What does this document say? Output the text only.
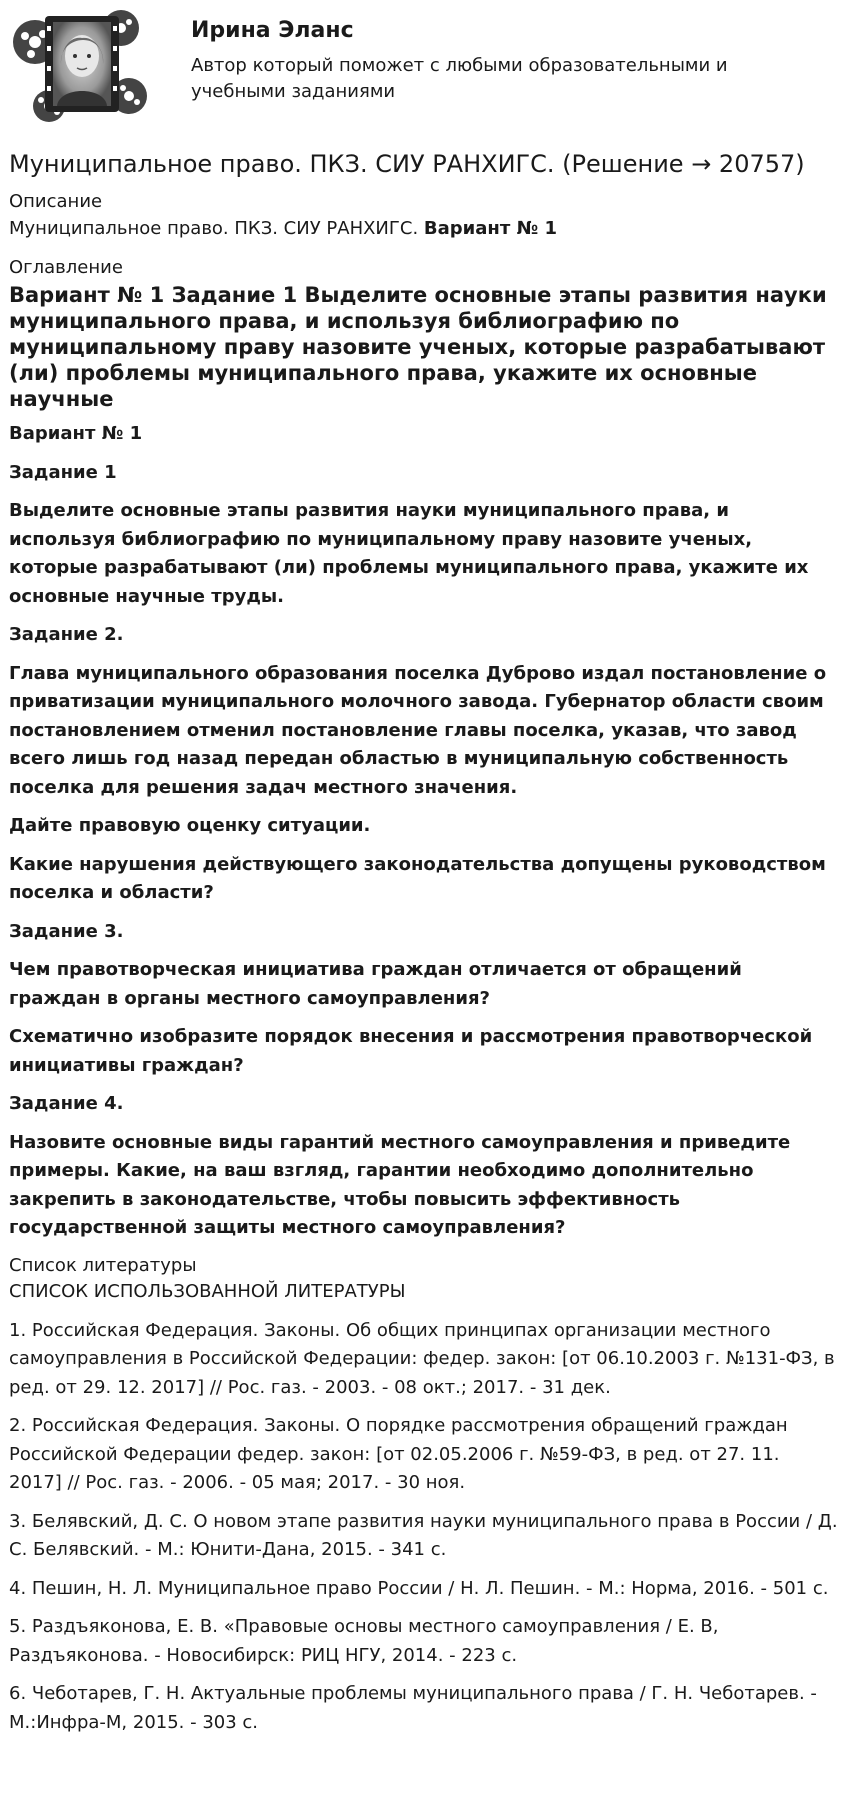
Ирина Эланс
Автор который поможет с любыми образовательными и учебными заданиями
Муниципальное право. ПКЗ. СИУ РАНХИГС. (Решение → 20757)
Описание
Муниципальное право. ПКЗ. СИУ РАНХИГС. Вариант № 1
Оглавление
Вариант № 1 Задание 1 Выделите основные этапы развития науки муниципального права, и используя библиографию по муниципальному праву назовите ученых, которые разрабатывают (ли) проблемы муниципального права, укажите их основные научные

Вариант № 1

Задание 1

Выделите основные этапы развития науки муниципального права, и используя библиографию по муниципальному праву назовите ученых, которые разрабатывают (ли) проблемы муниципального права, укажите их основные научные труды.

Задание 2.

Глава муниципального образования поселка Дуброво издал постановление о приватизации муниципального молочного завода. Губернатор области своим постановлением отменил постановление главы поселка, указав, что завод всего лишь год назад передан областью в муниципальную собственность поселка для решения задач местного значения.

Дайте правовую оценку ситуации.

Какие нарушения действующего законодательства допущены руководством поселка и области?

Задание 3.

Чем правотворческая инициатива граждан отличается от обращений граждан в органы местного самоуправления?

Схематично изобразите порядок внесения и рассмотрения правотворческой инициативы граждан?

Задание 4.

Назовите основные виды гарантий местного самоуправления и приведите примеры. Какие, на ваш взгляд, гарантии необходимо дополнительно закрепить в законодательстве, чтобы повысить эффективность государственной защиты местного самоуправления?

Список литературы
СПИСОК ИСПОЛЬЗОВАННОЙ ЛИТЕРАТУРЫ

1. Российская Федерация. Законы. Об общих принципах организации местного самоуправления в Российской Федерации: федер. закон: [от 06.10.2003 г. №131-ФЗ, в ред. от 29. 12. 2017] // Рос. газ. - 2003. - 08 окт.; 2017. - 31 дек.

2. Российская Федерация. Законы. О порядке рассмотрения обращений граждан Российской Федерации федер. закон: [от 02.05.2006 г. №59-ФЗ, в ред. от 27. 11. 2017] // Рос. газ. - 2006. - 05 мая; 2017. - 30 ноя.

3. Белявский, Д. С. О новом этапе развития науки муниципального права в России / Д. С. Белявский. - М.: Юнити-Дана, 2015. - 341 с.

4. Пешин, Н. Л. Муниципальное право России / Н. Л. Пешин. - М.: Норма, 2016. - 501 с.

5. Раздъяконова, Е. В. «Правовые основы местного самоуправления / Е. В, Раздъяконова. - Новосибирск: РИЦ НГУ, 2014. - 223 с.

6. Чеботарев, Г. Н. Актуальные проблемы муниципального права / Г. Н. Чеботарев. - М.:Инфра-М, 2015. - 303 с.
